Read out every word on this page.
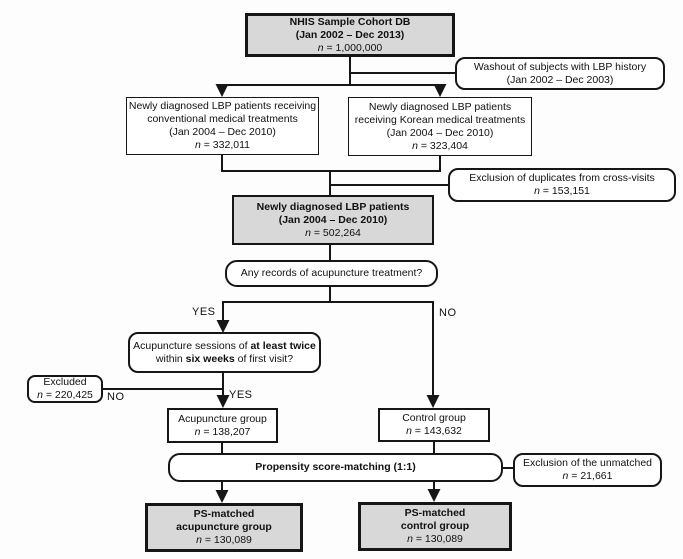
YES	NO
NO	YES
NHIS Sample Cohort DB
(Jan 2002 – Dec 2013)
n = 1,000,000
Washout of subjects with LBP history
(Jan 2002 – Dec 2003)
Newly diagnosed LBP patients receiving
conventional medical treatments
(Jan 2004 – Dec 2010)
n = 332,011
Newly diagnosed LBP patients
receiving Korean medical treatments
(Jan 2004 – Dec 2010)
n = 323,404
Exclusion of duplicates from cross-visits
n = 153,151
Newly diagnosed LBP patients
(Jan 2004 – Dec 2010)
n = 502,264
Any records of acupuncture treatment?
Acupuncture sessions of at least twice within six weeks of first visit?
Excluded
n = 220,425
Acupuncture group
n = 138,207
Control group
n = 143,632
Propensity score-matching (1:1)	Exclusion of the unmatched
n = 21,661
PS-matched
acupuncture group
n = 130,089
PS-matched
control group
n = 130,089
